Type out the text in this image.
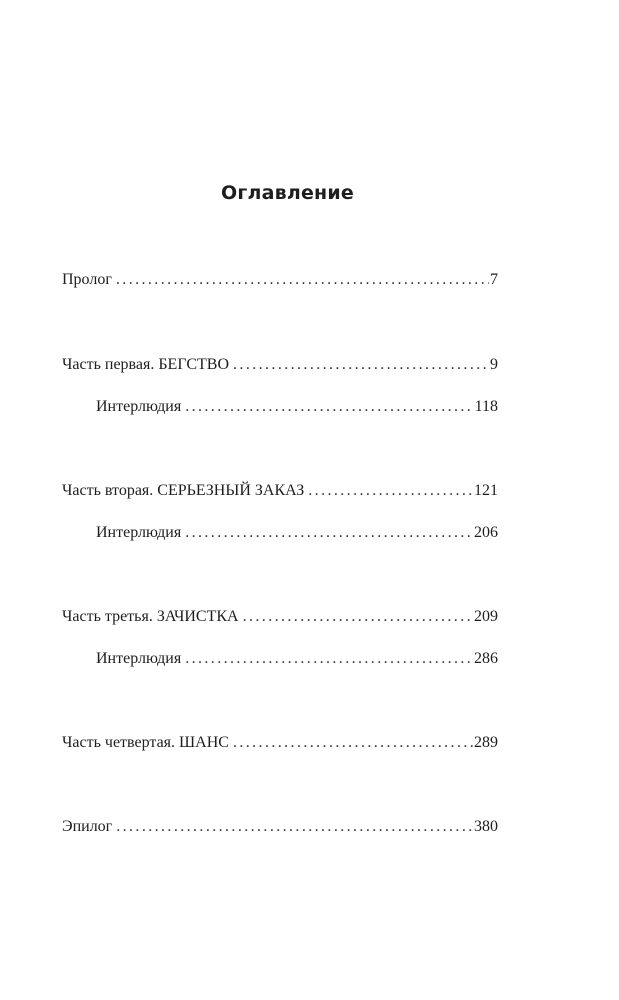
Оглавление
Пролог . . .	7
Часть первая. БЕГСТВО . . .	9
Интерлюдия . . .	118
Часть вторая. СЕРЬЕЗНЫЙ ЗАКАЗ . . .	121
Интерлюдия . . .	206
Часть третья. ЗАЧИСТКА . . .	209
Интерлюдия . . .	286
Часть четвертая. ШАНС . . .	289
Эпилог . . .	380
